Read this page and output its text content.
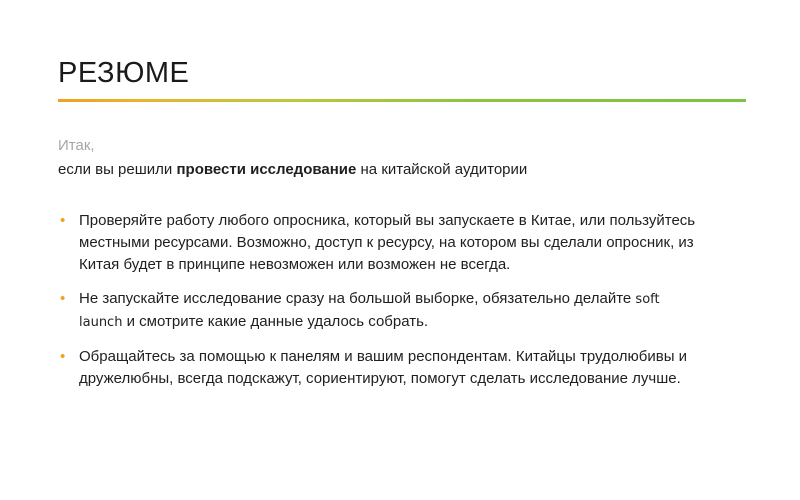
РЕЗЮМЕ

Итак,

если вы решили провести исследование на китайской аудитории

• Проверяйте работу любого опросника, который вы запускаете в Китае, или пользуйтесь местными ресурсами. Возможно, доступ к ресурсу, на котором вы сделали опросник, из Китая будет в принципе невозможен или возможен не всегда.
• Не запускайте исследование сразу на большой выборке, обязательно делайте soft launch и смотрите какие данные удалось собрать.
• Обращайтесь за помощью к панелям и вашим респондентам. Китайцы трудолюбивы и дружелюбны, всегда подскажут, сориентируют, помогут сделать исследование лучше.
